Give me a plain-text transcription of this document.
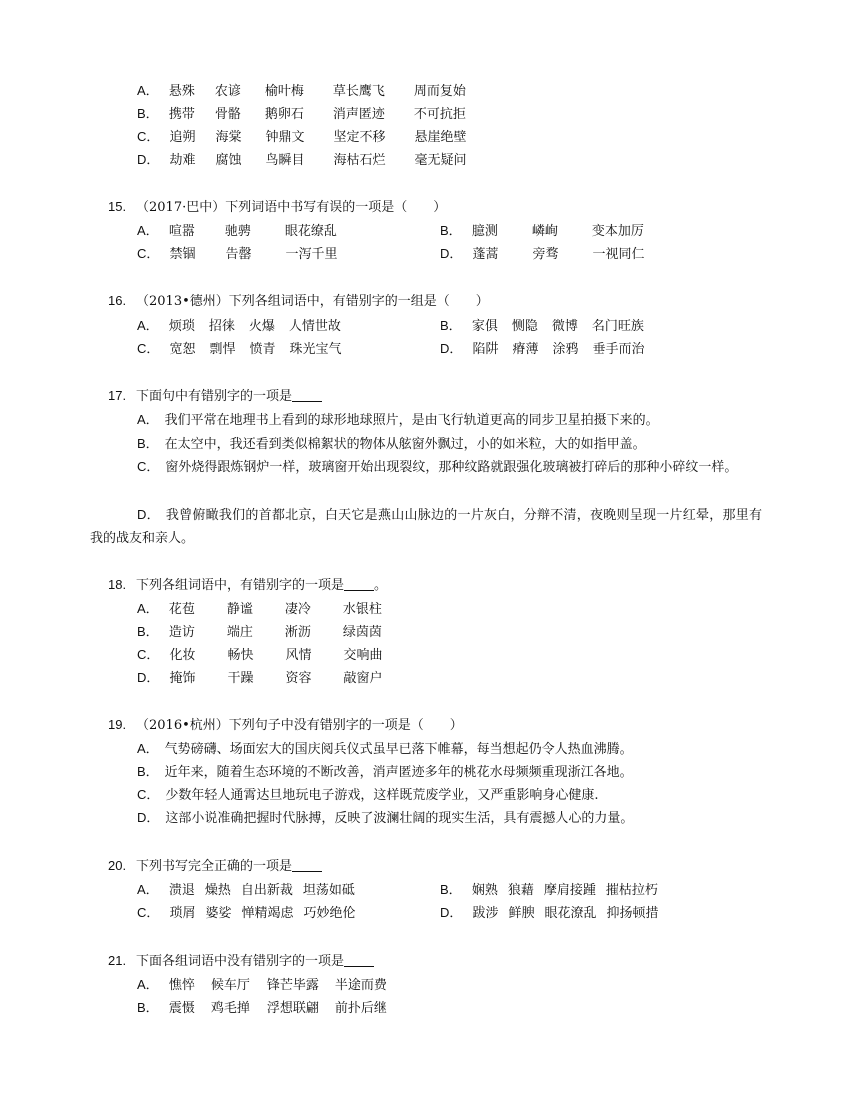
A． 悬殊 农谚 榆叶梅 草长鹰飞 周而复始
B． 携带 骨骼 鹅卵石 消声匿迹 不可抗拒
C． 追朔 海棠 钟鼎文 坚定不移 悬崖绝壁
D． 劫难 腐蚀 鸟瞬目 海枯石烂 毫无疑问
15. （2017·巴中）下列词语中书写有误的一项是（　　）
A． 喧嚣 驰骋	眼花缭乱	B． 臆测	嶙峋	变本加厉
C． 禁锢 告罄	一泻千里	D． 蓬蒿	旁骛	一视同仁
16. （2013•德州）下列各组词语中，有错别字的一组是（　　）
A． 烦琐 招徕 火爆 人情世故	B． 家俱 恻隐 微博 名门旺族
C． 宽恕 剽悍 愤青 珠光宝气	D． 陷阱 瘠薄 涂鸦 垂手而治
17. 下面句中有错别字的一项是
A． 我们平常在地理书上看到的球形地球照片，是由飞行轨道更高的同步卫星拍摄下来的。
B． 在太空中，我还看到类似棉絮状的物体从舷窗外飘过，小的如米粒，大的如指甲盖。
C． 窗外烧得跟炼钢炉一样，玻璃窗开始出现裂纹，那种纹路就跟强化玻璃被打碎后的那种小碎纹一样。
D． 我曾俯瞰我们的首都北京，白天它是燕山山脉边的一片灰白，分辩不清，夜晚则呈现一片红晕，那里有我的战友和亲人。
18. 下列各组词语中，有错别字的一项是 。
A． 花苞 静谧 凄冷 水银柱
B． 造访 端庄 淅沥 绿茵茵
C． 化妆 畅快 风情 交响曲
D． 掩饰 干躁 资容 敲窗户
19. （2016•杭州）下列句子中没有错别字的一项是（　　）
A． 气势磅礴、场面宏大的国庆阅兵仪式虽早已落下帷幕，每当想起仍令人热血沸腾。
B． 近年来，随着生态环境的不断改善，消声匿迹多年的桃花水母频频重现浙江各地。
C． 少数年轻人通霄达旦地玩电子游戏，这样既荒废学业，又严重影响身心健康.
D． 这部小说准确把握时代脉搏，反映了波澜壮阔的现实生活，具有震撼人心的力量。
20. 下列书写完全正确的一项是
A． 溃退 燥热 自出新裁 坦荡如砥	B． 娴熟 狼藉 摩肩接踵 摧枯拉朽
C． 琐屑 婆娑 惮精竭虑 巧妙绝伦	D． 跋涉 鲜腴 眼花潦乱 抑扬顿措
21. 下面各组词语中没有错别字的一项是
A． 憔悴 候车厅 锋芒毕露 半途而费
B． 震慑 鸡毛掸 浮想联翩 前扑后继
